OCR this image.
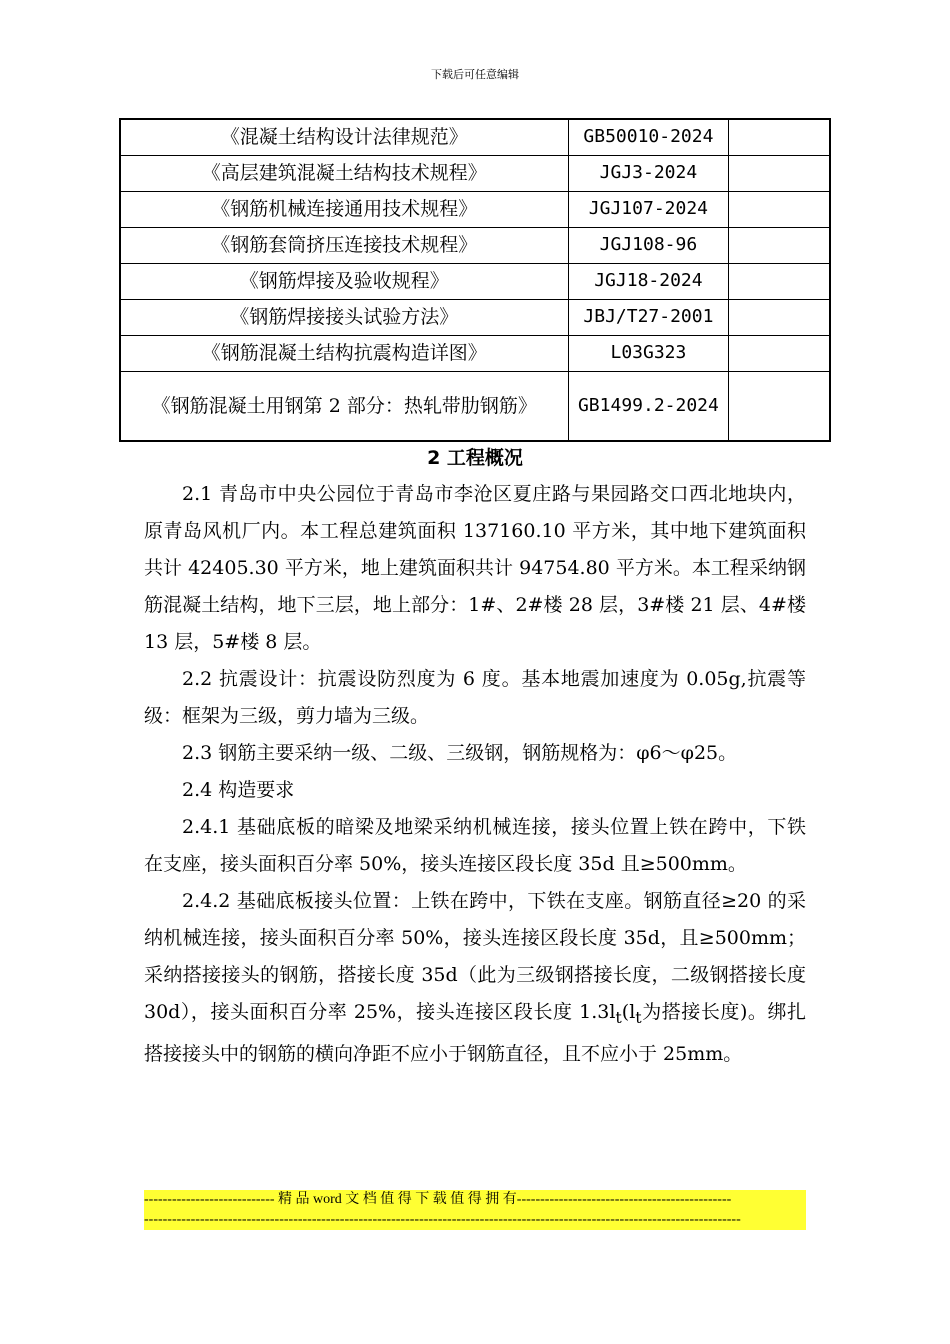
下载后可任意编辑
《混凝土结构设计法律规范》	GB50010-2024	
《高层建筑混凝土结构技术规程》	JGJ3-2024	
《钢筋机械连接通用技术规程》	JGJ107-2024	
《钢筋套筒挤压连接技术规程》	JGJ108-96	
《钢筋焊接及验收规程》	JGJ18-2024	
《钢筋焊接接头试验方法》	JBJ/T27-2001	
《钢筋混凝土结构抗震构造详图》	L03G323	
《钢筋混凝土用钢第 2 部分：热轧带肋钢筋》	GB1499.2-2024	
2 工程概况

2.1 青岛市中央公园位于青岛市李沧区夏庄路与果园路交口西北地块内，原青岛风机厂内。本工程总建筑面积 137160.10 平方米，其中地下建筑面积共计 42405.30 平方米，地上建筑面积共计 94754.80 平方米。本工程采纳钢筋混凝土结构，地下三层，地上部分：1#、2#楼 28 层，3#楼 21 层、4#楼 13 层，5#楼 8 层。

2.2 抗震设计：抗震设防烈度为 6 度。基本地震加速度为 0.05g,抗震等级：框架为三级，剪力墙为三级。

2.3 钢筋主要采纳一级、二级、三级钢，钢筋规格为：φ6～φ25。

2.4 构造要求

2.4.1 基础底板的暗梁及地梁采纳机械连接，接头位置上铁在跨中，下铁在支座，接头面积百分率 50%，接头连接区段长度 35d 且≥500mm。

2.4.2 基础底板接头位置：上铁在跨中，下铁在支座。钢筋直径≥20 的采纳机械连接，接头面积百分率 50%，接头连接区段长度 35d，且≥500mm；采纳搭接接头的钢筋，搭接长度 35d（此为三级钢搭接长度，二级钢搭接长度 30d），接头面积百分率 25%，接头连接区段长度 $1.3l_t(l_t$为搭接长度)。绑扎搭接接头中的钢筋的横向净距不应小于钢筋直径，且不应小于 25mm。

---------------------------- 精 品 word 文 档 值 得 下 载 值 得 拥 有----------------------------------------------
--------------------------------------------------------------------------------------------------------------------------------
